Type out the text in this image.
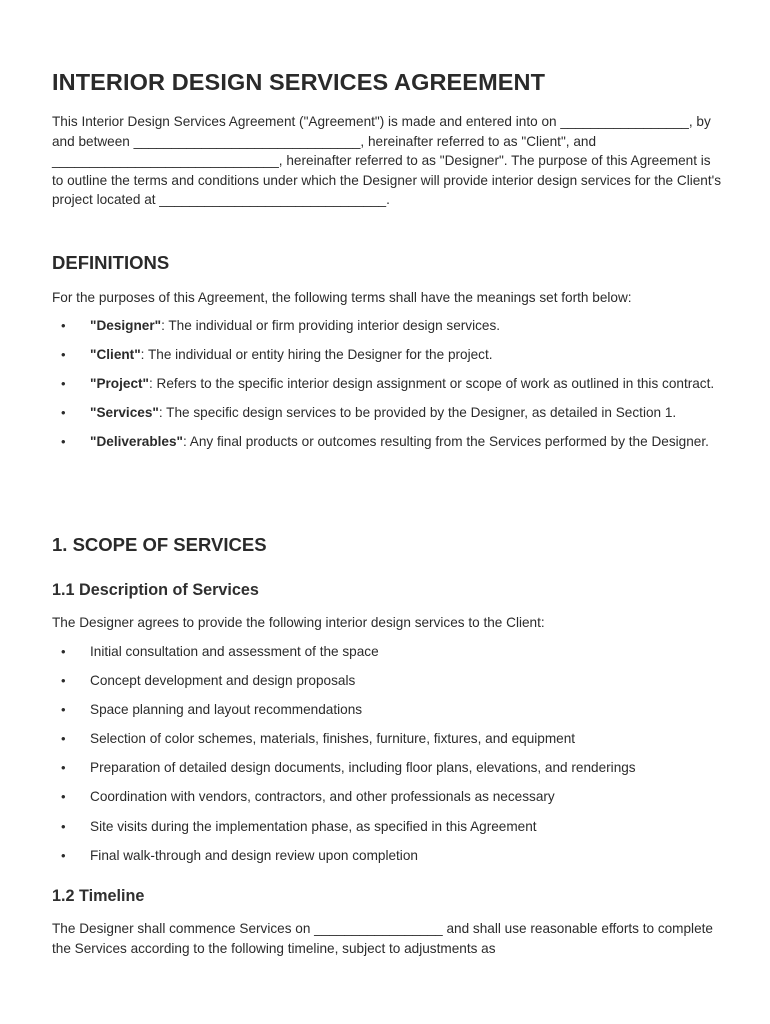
INTERIOR DESIGN SERVICES AGREEMENT

This Interior Design Services Agreement ("Agreement") is made and entered into on _________________, by and between ______________________________, hereinafter referred to as "Client", and ______________________________, hereinafter referred to as "Designer". The purpose of this Agreement is to outline the terms and conditions under which the Designer will provide interior design services for the Client's project located at ______________________________.

DEFINITIONS

For the purposes of this Agreement, the following terms shall have the meanings set forth below:

• "Designer": The individual or firm providing interior design services.
• "Client": The individual or entity hiring the Designer for the project.
• "Project": Refers to the specific interior design assignment or scope of work as outlined in this contract.
• "Services": The specific design services to be provided by the Designer, as detailed in Section 1.
• "Deliverables": Any final products or outcomes resulting from the Services performed by the Designer.
1. SCOPE OF SERVICES
1.1 Description of Services

The Designer agrees to provide the following interior design services to the Client:

• Initial consultation and assessment of the space
• Concept development and design proposals
• Space planning and layout recommendations
• Selection of color schemes, materials, finishes, furniture, fixtures, and equipment
• Preparation of detailed design documents, including floor plans, elevations, and renderings
• Coordination with vendors, contractors, and other professionals as necessary
• Site visits during the implementation phase, as specified in this Agreement
• Final walk-through and design review upon completion
1.2 Timeline

The Designer shall commence Services on _________________ and shall use reasonable efforts to complete the Services according to the following timeline, subject to adjustments as
